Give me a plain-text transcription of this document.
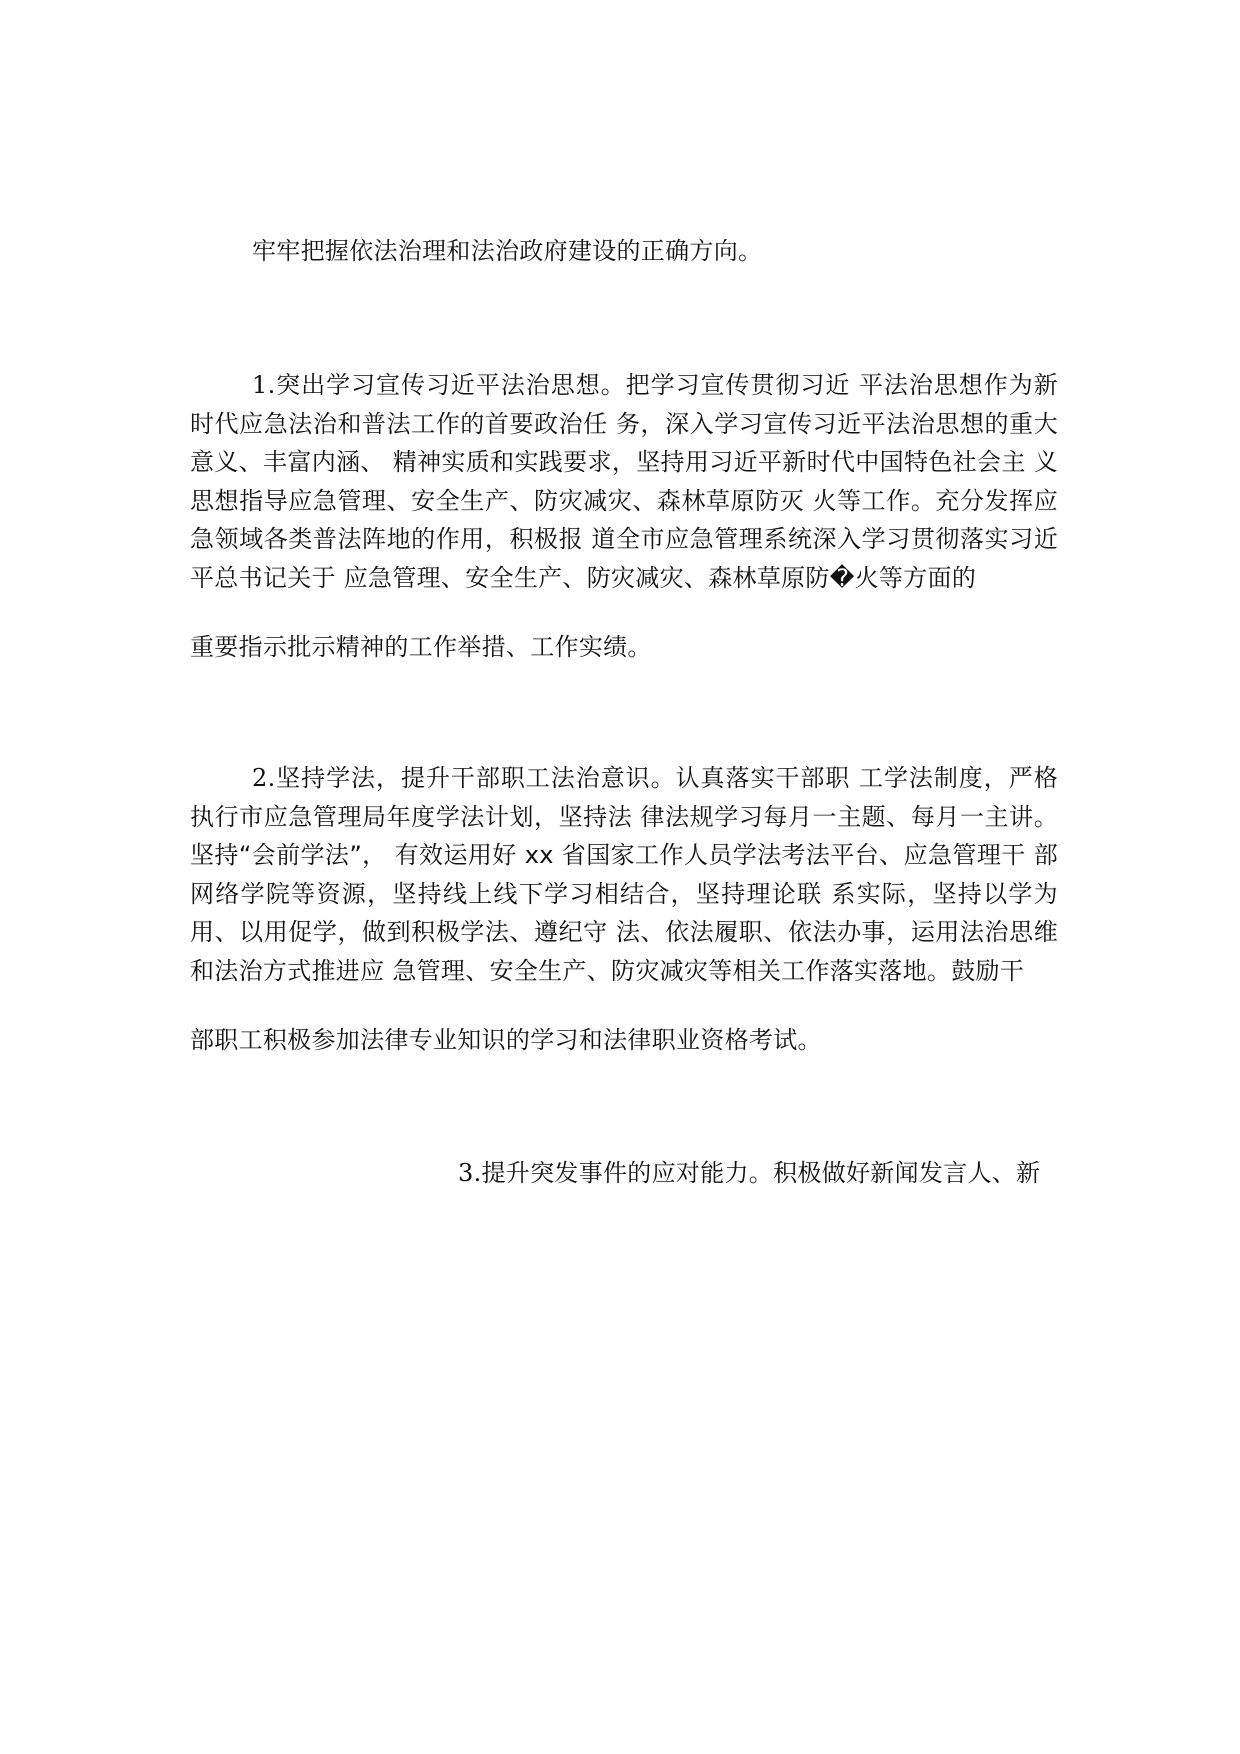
牢牢把握依法治理和法治政府建设的正确方向。
1.突出学习宣传习近平法治思想。把学习宣传贯彻习近 平法治思想作为新时代应急法治和普法工作的首要政治任 务，深入学习宣传习近平法治思想的重大意义、丰富内涵、 精神实质和实践要求，坚持用习近平新时代中国特色社会主 义思想指导应急管理、安全生产、防灾减灾、森林草原防灭 火等工作。充分发挥应急领域各类普法阵地的作用，积极报 道全市应急管理系统深入学习贯彻落实习近平总书记关于 应急管理、安全生产、防灾减灾、森林草原防�火等方面的
重要指示批示精神的工作举措、工作实绩。
2.坚持学法，提升干部职工法治意识。认真落实干部职 工学法制度，严格执行市应急管理局年度学法计划，坚持法 律法规学习每月一主题、每月一主讲。坚持“会前学法”， 有效运用好 xx 省国家工作人员学法考法平台、应急管理干 部网络学院等资源，坚持线上线下学习相结合，坚持理论联 系实际，坚持以学为用、以用促学，做到积极学法、遵纪守 法、依法履职、依法办事，运用法治思维和法治方式推进应 急管理、安全生产、防灾减灾等相关工作落实落地。鼓励干
部职工积极参加法律专业知识的学习和法律职业资格考试。
3.提升突发事件的应对能力。积极做好新闻发言人、新
